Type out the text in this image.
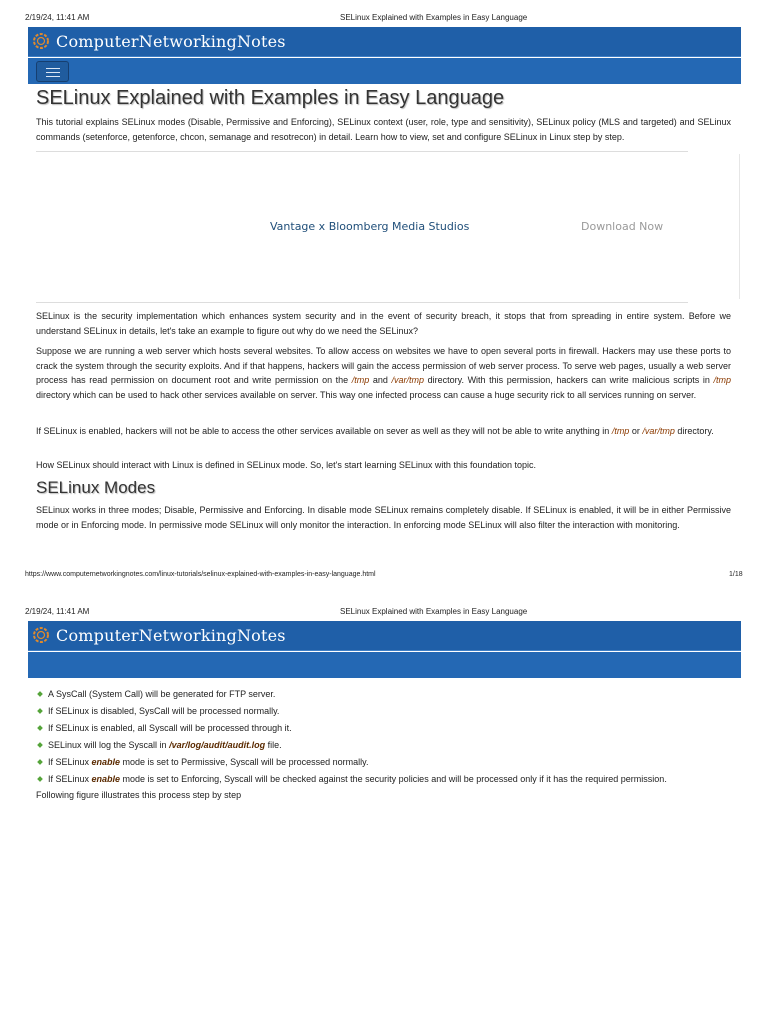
2/19/24, 11:41 AM	SELinux Explained with Examples in Easy Language
ComputerNetworkingNotes
SELinux Explained with Examples in Easy Language

This tutorial explains SELinux modes (Disable, Permissive and Enforcing), SELinux context (user, role, type and sensitivity), SELinux policy (MLS and targeted) and SELinux commands (setenforce, getenforce, chcon, semanage and resotrecon) in detail. Learn how to view, set and configure SELinux in Linux step by step.

Vantage x Bloomberg Media Studios	Download Now

SELinux is the security implementation which enhances system security and in the event of security breach, it stops that from spreading in entire system. Before we understand SELinux in details, let's take an example to figure out why do we need the SELinux?

Suppose we are running a web server which hosts several websites. To allow access on websites we have to open several ports in firewall. Hackers may use these ports to crack the system through the security exploits. And if that happens, hackers will gain the access permission of web server process. To serve web pages, usually a web server process has read permission on document root and write permission on the /tmp and /var/tmp directory. With this permission, hackers can write malicious scripts in /tmp directory which can be used to hack other services available on server. This way one infected process can cause a huge security rick to all services running on server.

If SELinux is enabled, hackers will not be able to access the other services available on sever as well as they will not be able to write anything in /tmp or /var/tmp directory.

How SELinux should interact with Linux is defined in SELinux mode. So, let's start learning SELinux with this foundation topic.

SELinux Modes

SELinux works in three modes; Disable, Permissive and Enforcing. In disable mode SELinux remains completely disable. If SELinux is enabled, it will be in either Permissive mode or in Enforcing mode. In permissive mode SELinux will only monitor the interaction. In enforcing mode SELinux will also filter the interaction with monitoring.

https://www.computernetworkingnotes.com/linux-tutorials/selinux-explained-with-examples-in-easy-language.html	1/18
2/19/24, 11:41 AM	SELinux Explained with Examples in Easy Language
ComputerNetworkingNotes
A SysCall (System Call) will be generated for FTP server.
If SELinux is disabled, SysCall will be processed normally.
If SELinux is enabled, all Syscall will be processed through it.
SELinux will log the Syscall in /var/log/audit/audit.log file.
If SELinux enable mode is set to Permissive, Syscall will be processed normally.
If SELinux enable mode is set to Enforcing, Syscall will be checked against the security policies and will be processed only if it has the required permission.
Following figure illustrates this process step by step
